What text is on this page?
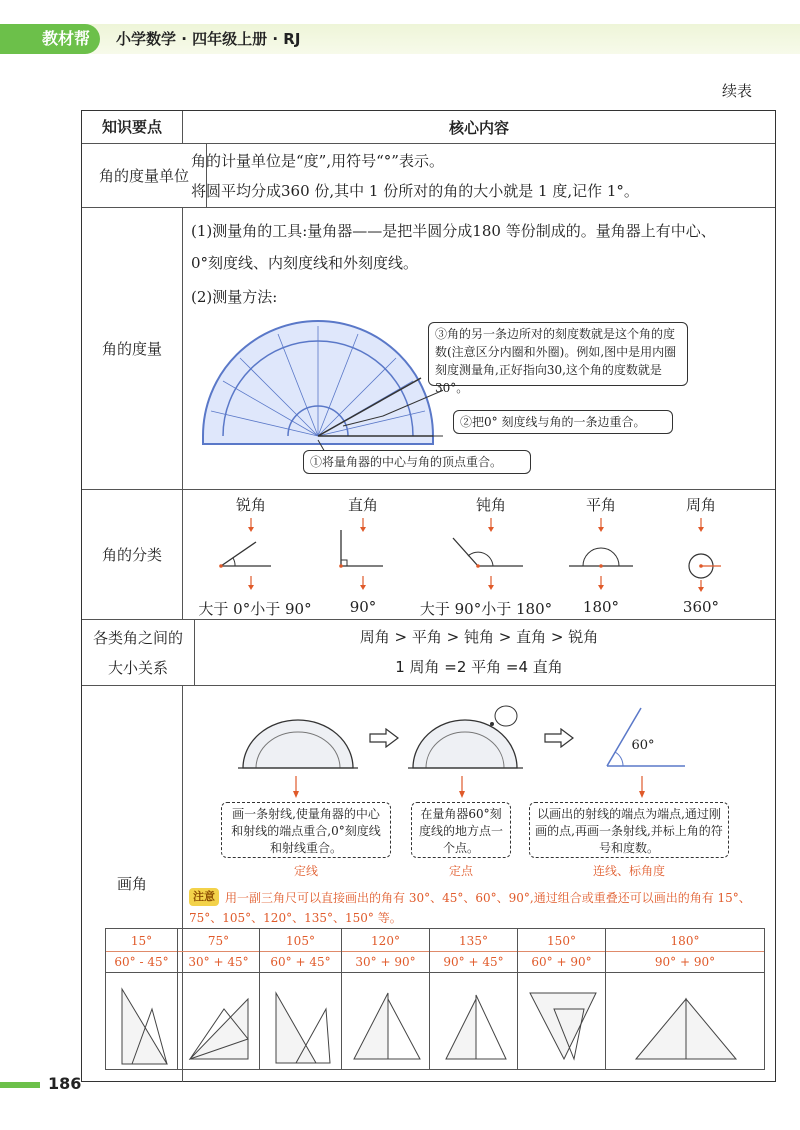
教材帮	小学数学 · 四年级上册 · RJ
续表
知识要点	核心内容
角的度量单位
角的计量单位是“度”,用符号“°”表示。
将圆平均分成360 份,其中 1 份所对的角的大小就是 1 度,记作 1°。
角的度量
(1)测量角的工具:量角器——是把半圆分成180 等份制成的。量角器上有中心、
0°刻度线、内刻度线和外刻度线。
(2)测量方法:
③角的另一条边所对的刻度数就是这个角的度数(注意区分内圈和外圈)。例如,图中是用内圈刻度测量角,正好指向30,这个角的度数就是30°。
②把0° 刻度线与角的一条边重合。
①将量角器的中心与角的顶点重合。
角的分类
锐角
大于 0°小于 90°
直角
90°
钝角
大于 90°小于 180°
平角
180°
周角
360°
各类角之间的大小关系
周角 > 平角 > 钝角 > 直角 > 锐角
1 周角 =2 平角 =4 直角
画角
60°
画一条射线,使量角器的中心和射线的端点重合,0°刻度线和射线重合。
定线
在量角器60°刻度线的地方点一个点。
定点
以画出的射线的端点为端点,通过刚画的点,再画一条射线,并标上角的符号和度数。
连线、标角度
注意 用一副三角尺可以直接画出的角有 30°、45°、60°、90°,通过组合或重叠还可以画出的角有 15°、75°、105°、120°、135°、150° 等。
15°
60° - 45°
75°
30° + 45°
105°
60° + 45°
120°
30° + 90°
135°
90° + 45°
150°
60° + 90°
180°
90° + 90°
186
